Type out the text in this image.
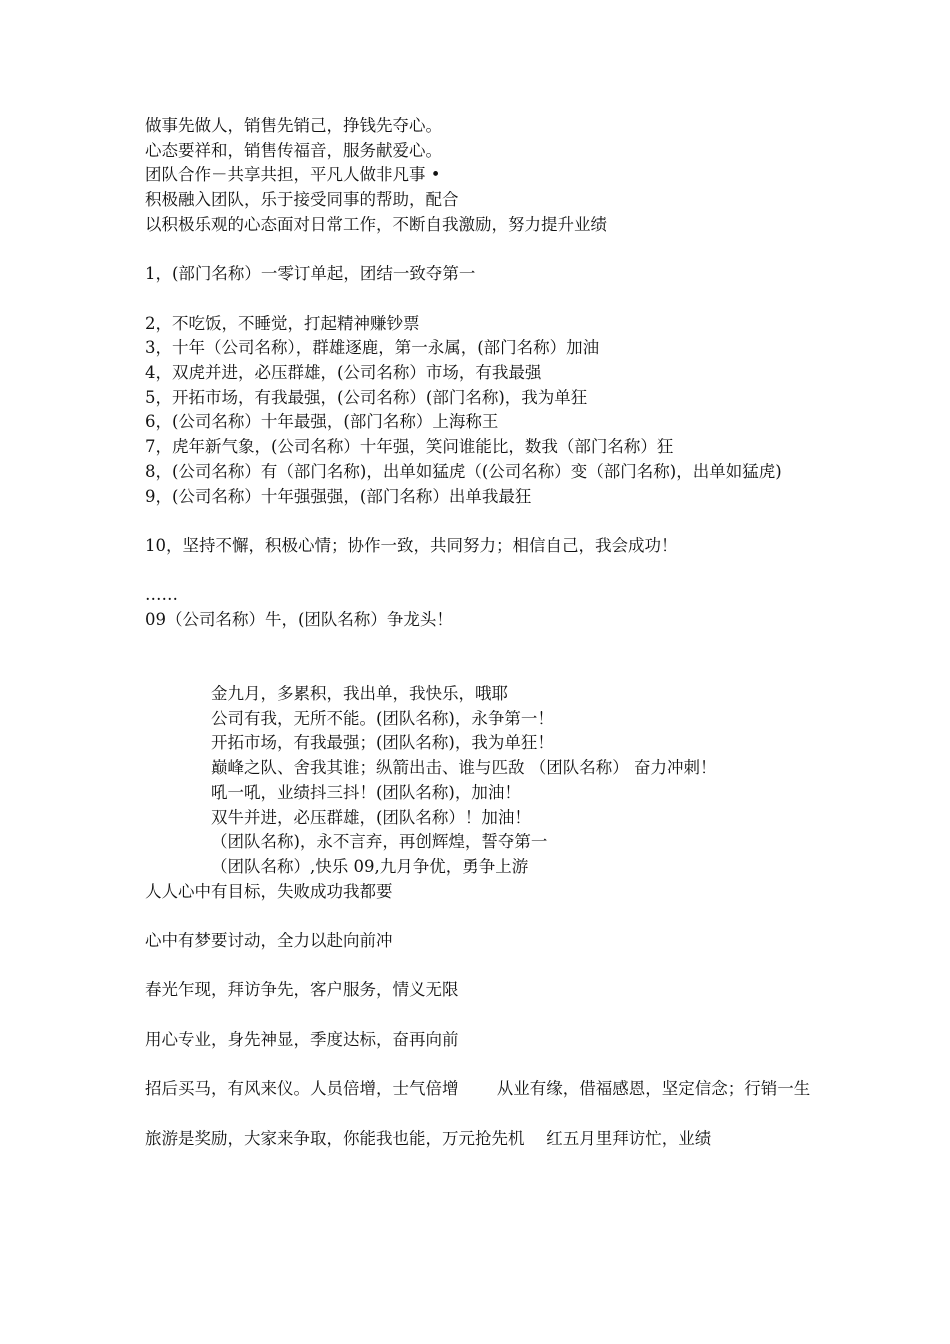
做事先做人，销售先销己，挣钱先夺心。
心态要祥和，销售传福音，服务献爱心。
团队合作－共享共担，平凡人做非凡事 •
积极融入团队，乐于接受同事的帮助，配合
以积极乐观的心态面对日常工作，不断自我激励，努力提升业绩
1，(部门名称）一零订单起，团结一致夺第一
2，不吃饭，不睡觉，打起精神赚钞票
3，十年（公司名称），群雄逐鹿，第一永属，(部门名称）加油
4，双虎并进，必压群雄，(公司名称）市场，有我最强
5，开拓市场，有我最强，(公司名称）(部门名称)，我为单狂
6，(公司名称）十年最强，(部门名称）上海称王
7，虎年新气象，(公司名称）十年强，笑问谁能比，数我（部门名称）狂
8，(公司名称）有（部门名称)，出单如猛虎（(公司名称）变（部门名称)，出单如猛虎)
9，(公司名称）十年强强强，(部门名称）出单我最狂
10，坚持不懈，积极心情；协作一致，共同努力；相信自己，我会成功！
……
09（公司名称）牛，(团队名称）争龙头！
金九月，多累积，我出单，我快乐，哦耶
公司有我，无所不能。(团队名称)，永争第一！
开拓市场，有我最强；(团队名称)，我为单狂！
巅峰之队、舍我其谁；纵箭出击、谁与匹敌 （团队名称） 奋力冲刺！
吼一吼，业绩抖三抖！(团队名称)，加油！
双牛并进，必压群雄，(团队名称）！加油！
（团队名称)，永不言弃，再创辉煌，誓夺第一
（团队名称）,快乐 09,九月争优，勇争上游
人人心中有目标，失败成功我都要
心中有梦要讨动，全力以赴向前冲
春光乍现，拜访争先，客户服务，情义无限
用心专业，身先神显，季度达标，奋再向前
招后买马，有风来仪。人员倍增，士气倍增　　 从业有缘，借福感恩，坚定信念；行销一生
旅游是奖励，大家来争取，你能我也能，万元抢先机　 红五月里拜访忙，业绩
